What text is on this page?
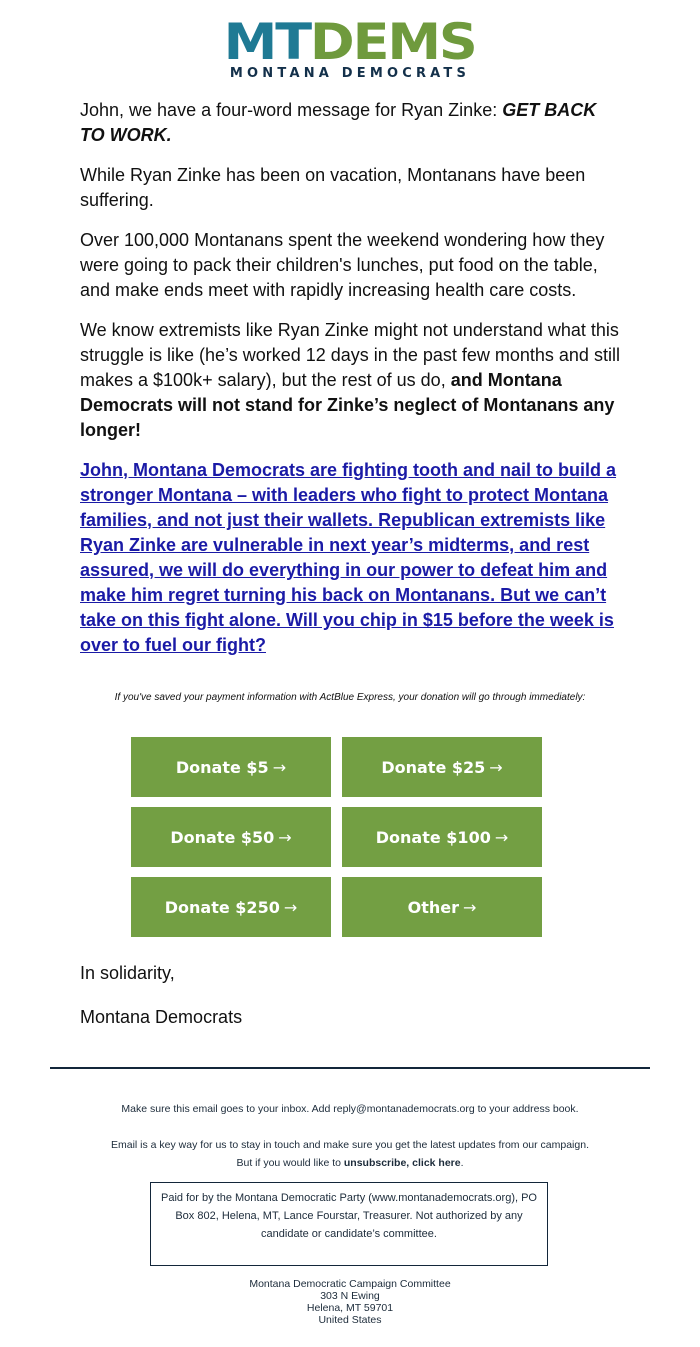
MTDEMS
MONTANA DEMOCRATS

John, we have a four-word message for Ryan Zinke: GET BACK TO WORK.

While Ryan Zinke has been on vacation, Montanans have been suffering.

Over 100,000 Montanans spent the weekend wondering how they were going to pack their children's lunches, put food on the table, and make ends meet with rapidly increasing health care costs.

We know extremists like Ryan Zinke might not understand what this struggle is like (he’s worked 12 days in the past few months and still makes a $100k+ salary), but the rest of us do, and Montana Democrats will not stand for Zinke’s neglect of Montanans any longer!

John, Montana Democrats are fighting tooth and nail to build a stronger Montana – with leaders who fight to protect Montana families, and not just their wallets. Republican extremists like Ryan Zinke are vulnerable in next year’s midterms, and rest assured, we will do everything in our power to defeat him and make him regret turning his back on Montanans. But we can’t take on this fight alone. Will you chip in $15 before the week is over to fuel our fight?
If you've saved your payment information with ActBlue Express, your donation will go through immediately:
Donate $5 →	Donate $25 →
Donate $50 →	Donate $100 →
Donate $250 →	Other →
In solidarity,
Montana Democrats
Make sure this email goes to your inbox. Add reply@montanademocrats.org to your address book.
Email is a key way for us to stay in touch and make sure you get the latest updates from our campaign.
But if you would like to unsubscribe, click here.
Paid for by the Montana Democratic Party (www.montanademocrats.org), PO Box 802, Helena, MT, Lance Fourstar, Treasurer. Not authorized by any candidate or candidate’s committee.
Montana Democratic Campaign Committee
303 N Ewing
Helena, MT 59701
United States
